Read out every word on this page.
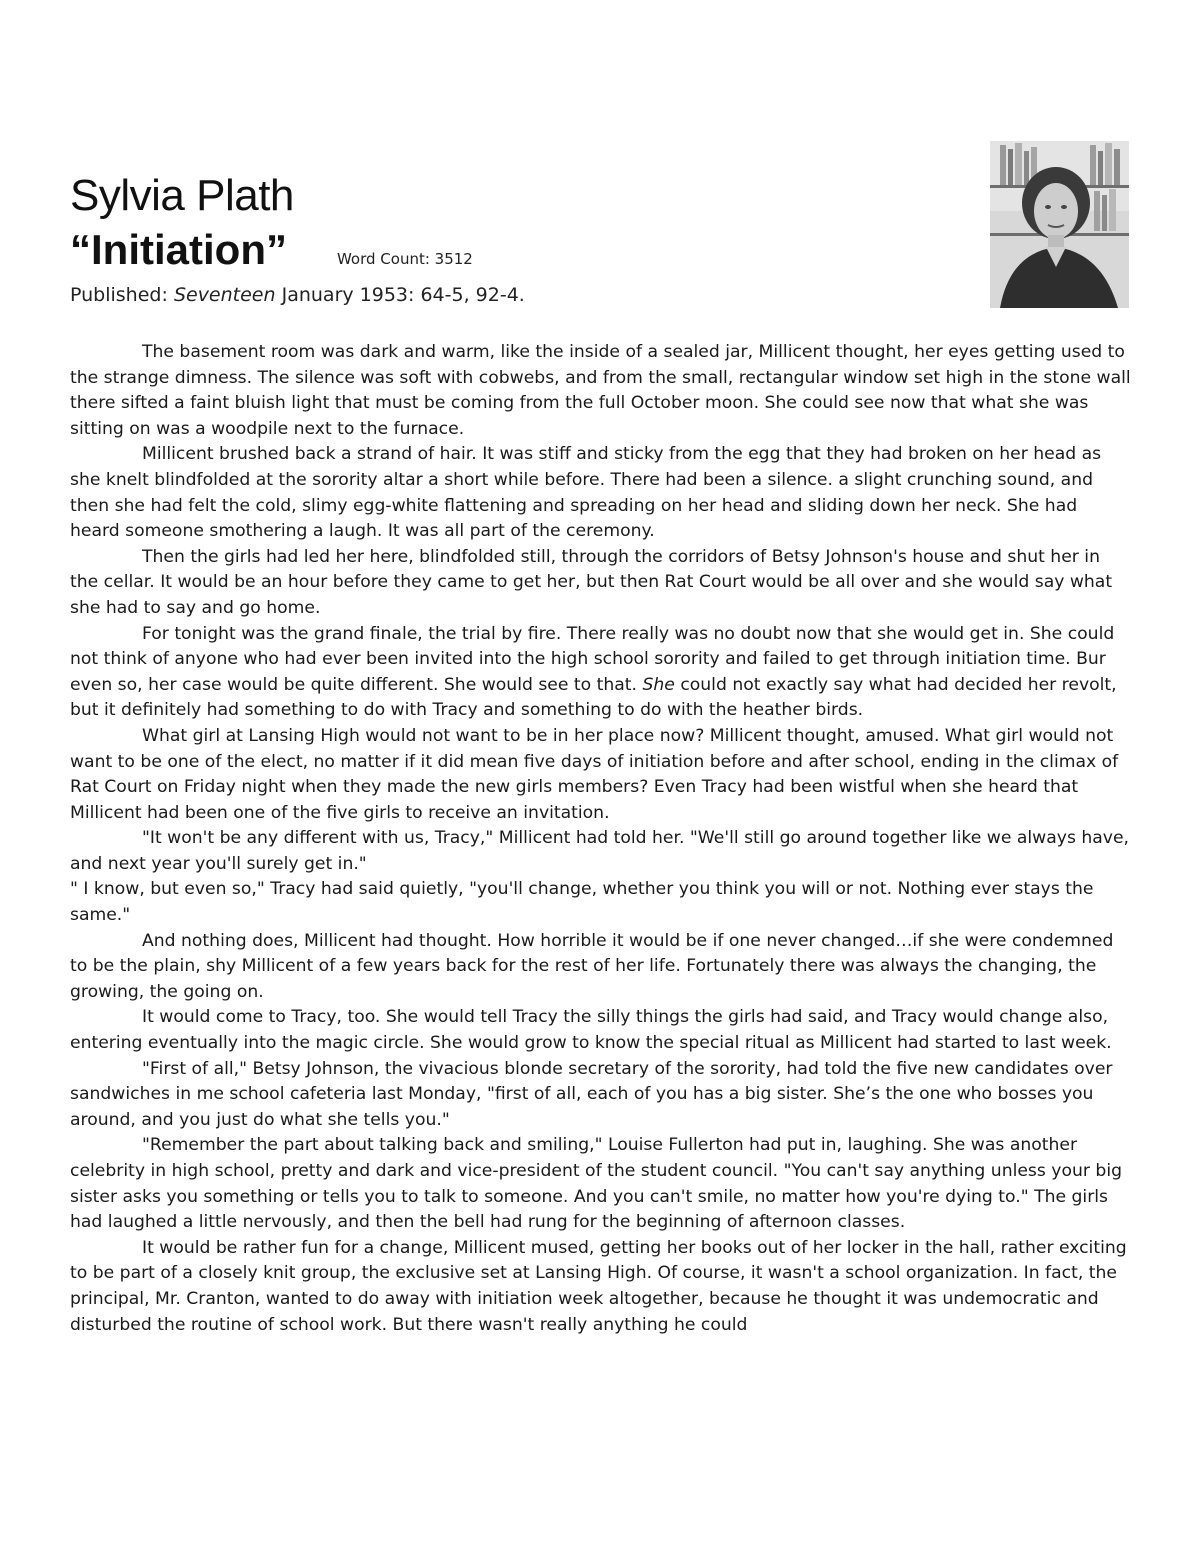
Sylvia Plath
“Initiation”	Word Count: 3512
Published: Seventeen January 1953: 64-5, 92-4.

The basement room was dark and warm, like the inside of a sealed jar, Millicent thought, her eyes getting used to the strange dimness. The silence was soft with cobwebs, and from the small, rectangular window set high in the stone wall there sifted a faint bluish light that must be coming from the full October moon. She could see now that what she was sitting on was a woodpile next to the furnace.

Millicent brushed back a strand of hair. It was stiff and sticky from the egg that they had broken on her head as she knelt blindfolded at the sorority altar a short while before. There had been a silence. a slight crunching sound, and then she had felt the cold, slimy egg-white flattening and spreading on her head and sliding down her neck. She had heard someone smothering a laugh. It was all part of the ceremony.

Then the girls had led her here, blindfolded still, through the corridors of Betsy Johnson's house and shut her in the cellar. It would be an hour before they came to get her, but then Rat Court would be all over and she would say what she had to say and go home.

For tonight was the grand finale, the trial by fire. There really was no doubt now that she would get in. She could not think of anyone who had ever been invited into the high school sorority and failed to get through initiation time. Bur even so, her case would be quite different. She would see to that. She could not exactly say what had decided her revolt, but it definitely had something to do with Tracy and something to do with the heather birds.

What girl at Lansing High would not want to be in her place now? Millicent thought, amused. What girl would not want to be one of the elect, no matter if it did mean five days of initiation before and after school, ending in the climax of Rat Court on Friday night when they made the new girls members? Even Tracy had been wistful when she heard that Millicent had been one of the five girls to receive an invitation.

"It won't be any different with us, Tracy," Millicent had told her. "We'll still go around together like we always have, and next year you'll surely get in."

" I know, but even so," Tracy had said quietly, "you'll change, whether you think you will or not. Nothing ever stays the same."

And nothing does, Millicent had thought. How horrible it would be if one never changed…if she were condemned to be the plain, shy Millicent of a few years back for the rest of her life. Fortunately there was always the changing, the growing, the going on.

It would come to Tracy, too. She would tell Tracy the silly things the girls had said, and Tracy would change also, entering eventually into the magic circle. She would grow to know the special ritual as Millicent had started to last week.

"First of all," Betsy Johnson, the vivacious blonde secretary of the sorority, had told the five new candidates over sandwiches in me school cafeteria last Monday, "first of all, each of you has a big sister. She’s the one who bosses you around, and you just do what she tells you."

"Remember the part about talking back and smiling," Louise Fullerton had put in, laughing. She was another celebrity in high school, pretty and dark and vice-president of the student council. "You can't say anything unless your big sister asks you something or tells you to talk to someone. And you can't smile, no matter how you're dying to." The girls had laughed a little nervously, and then the bell had rung for the beginning of afternoon classes.

It would be rather fun for a change, Millicent mused, getting her books out of her locker in the hall, rather exciting to be part of a closely knit group, the exclusive set at Lansing High. Of course, it wasn't a school organization. In fact, the principal, Mr. Cranton, wanted to do away with initiation week altogether, because he thought it was undemocratic and disturbed the routine of school work. But there wasn't really anything he could
